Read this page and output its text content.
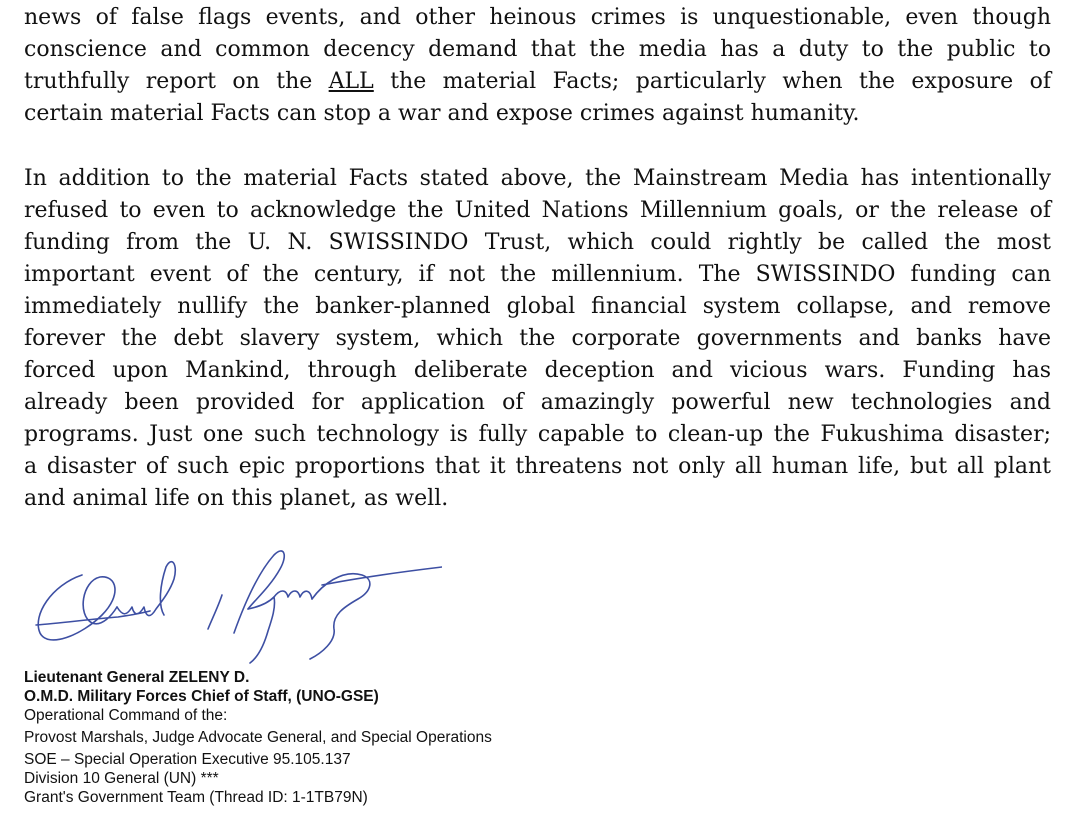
news of false flags events, and other heinous crimes is unquestionable, even though
conscience and common decency demand that the media has a duty to the public to
truthfully report on the ALL the material Facts; particularly when the exposure of
certain material Facts can stop a war and expose crimes against humanity.
In addition to the material Facts stated above, the Mainstream Media has intentionally
refused to even to acknowledge the United Nations Millennium goals, or the release of
funding from the U. N. SWISSINDO Trust, which could rightly be called the most
important event of the century, if not the millennium. The SWISSINDO funding can
immediately nullify the banker-planned global financial system collapse, and remove
forever the debt slavery system, which the corporate governments and banks have
forced upon Mankind, through deliberate deception and vicious wars. Funding has
already been provided for application of amazingly powerful new technologies and
programs. Just one such technology is fully capable to clean-up the Fukushima disaster;
a disaster of such epic proportions that it threatens not only all human life, but all plant
and animal life on this planet, as well.
Lieutenant General ZELENY D.
O.M.D. Military Forces Chief of Staff, (UNO-GSE)
Operational Command of the:
Provost Marshals, Judge Advocate General, and Special Operations
SOE – Special Operation Executive 95.105.137
Division 10 General (UN) ***
Grant's Government Team (Thread ID: 1-1TB79N)
